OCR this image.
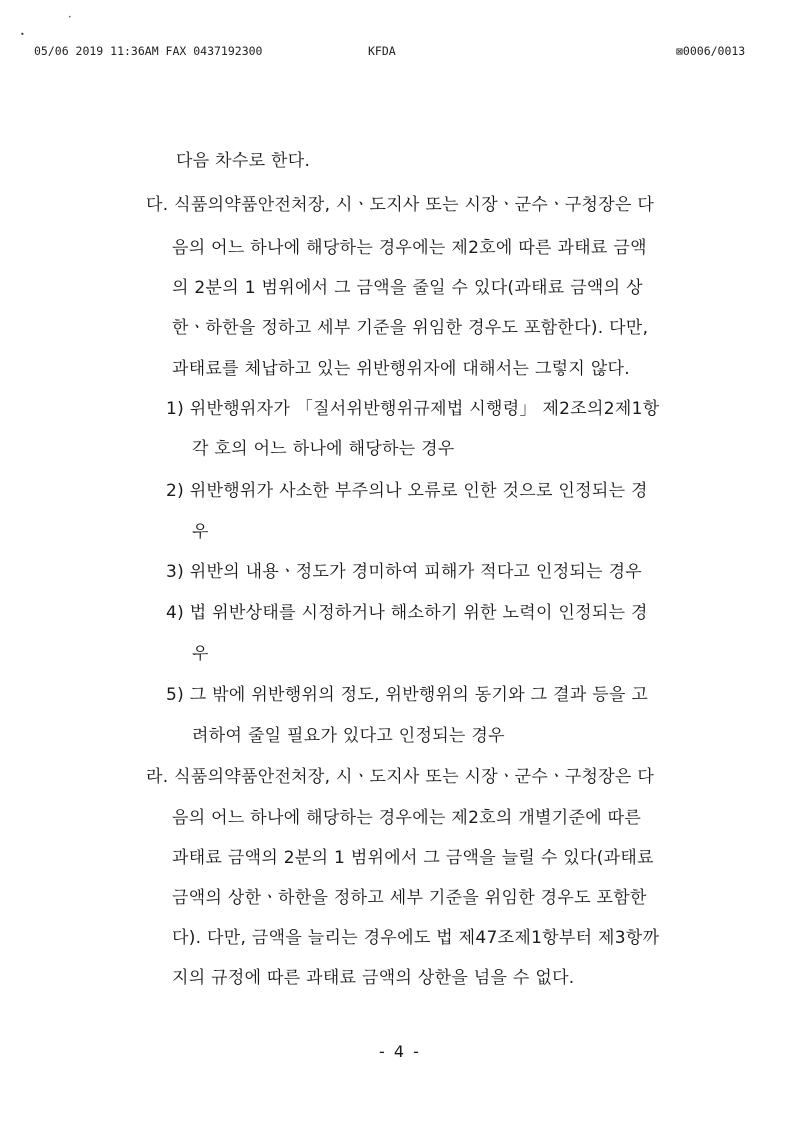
•
•
05/06 2019 11:36AM FAX 0437192300	KFDA	⊠0006/0013
다음 차수로 한다.
다. 식품의약품안전처장, 시ㆍ도지사 또는 시장ㆍ군수ㆍ구청장은 다
음의 어느 하나에 해당하는 경우에는 제2호에 따른 과태료 금액
의 2분의 1 범위에서 그 금액을 줄일 수 있다(과태료 금액의 상
한ㆍ하한을 정하고 세부 기준을 위임한 경우도 포함한다). 다만,
과태료를 체납하고 있는 위반행위자에 대해서는 그렇지 않다.
1) 위반행위자가 「질서위반행위규제법 시행령」 제2조의2제1항
각 호의 어느 하나에 해당하는 경우
2) 위반행위가 사소한 부주의나 오류로 인한 것으로 인정되는 경
우
3) 위반의 내용ㆍ정도가 경미하여 피해가 적다고 인정되는 경우
4) 법 위반상태를 시정하거나 해소하기 위한 노력이 인정되는 경
우
5) 그 밖에 위반행위의 정도, 위반행위의 동기와 그 결과 등을 고
려하여 줄일 필요가 있다고 인정되는 경우
라. 식품의약품안전처장, 시ㆍ도지사 또는 시장ㆍ군수ㆍ구청장은 다
음의 어느 하나에 해당하는 경우에는 제2호의 개별기준에 따른
과태료 금액의 2분의 1 범위에서 그 금액을 늘릴 수 있다(과태료
금액의 상한ㆍ하한을 정하고 세부 기준을 위임한 경우도 포함한
다). 다만, 금액을 늘리는 경우에도 법 제47조제1항부터 제3항까
지의 규정에 따른 과태료 금액의 상한을 넘을 수 없다.
- 4 -
